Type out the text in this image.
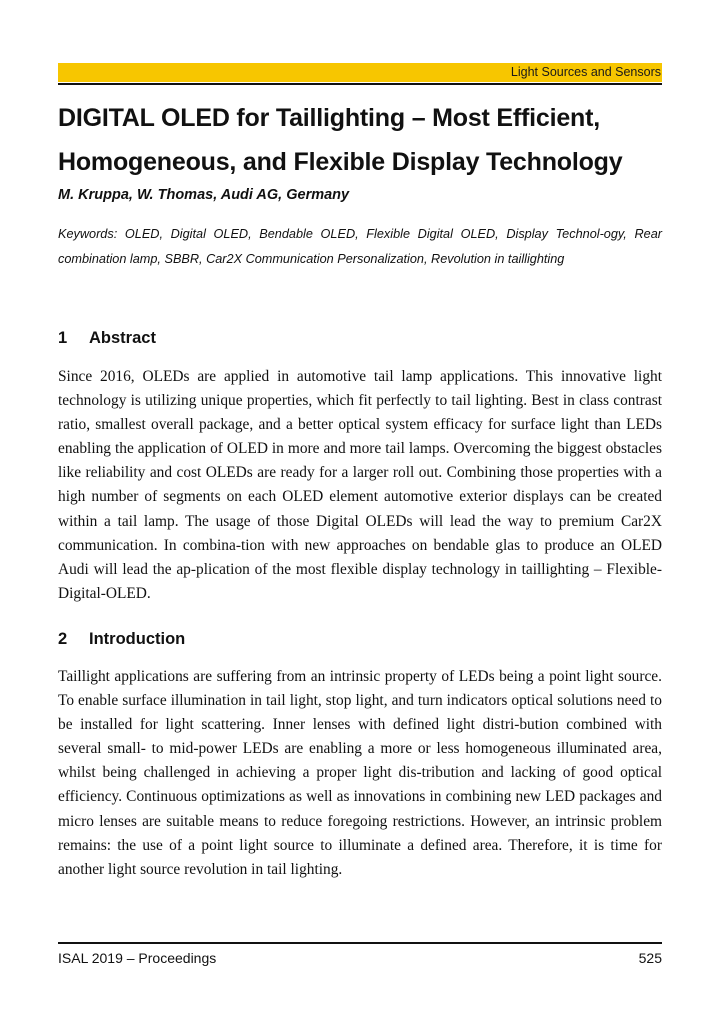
Light Sources and Sensors
DIGITAL OLED for Taillighting – Most Efficient, Homogeneous, and Flexible Display Technology
M. Kruppa, W. Thomas, Audi AG, Germany
Keywords: OLED, Digital OLED, Bendable OLED, Flexible Digital OLED, Display Technol-ogy, Rear combination lamp, SBBR, Car2X Communication Personalization, Revolution in taillighting
1 Abstract

Since 2016, OLEDs are applied in automotive tail lamp applications. This innovative light technology is utilizing unique properties, which fit perfectly to tail lighting. Best in class contrast ratio, smallest overall package, and a better optical system efficacy for surface light than LEDs enabling the application of OLED in more and more tail lamps. Overcoming the biggest obstacles like reliability and cost OLEDs are ready for a larger roll out. Combining those properties with a high number of segments on each OLED element automotive exterior displays can be created within a tail lamp. The usage of those Digital OLEDs will lead the way to premium Car2X communication. In combina-tion with new approaches on bendable glas to produce an OLED Audi will lead the ap-plication of the most flexible display technology in taillighting – Flexible-Digital-OLED.

2 Introduction

Taillight applications are suffering from an intrinsic property of LEDs being a point light source. To enable surface illumination in tail light, stop light, and turn indicators optical solutions need to be installed for light scattering. Inner lenses with defined light distri-bution combined with several small- to mid-power LEDs are enabling a more or less homogeneous illuminated area, whilst being challenged in achieving a proper light dis-tribution and lacking of good optical efficiency. Continuous optimizations as well as innovations in combining new LED packages and micro lenses are suitable means to reduce foregoing restrictions. However, an intrinsic problem remains: the use of a point light source to illuminate a defined area. Therefore, it is time for another light source revolution in tail lighting.

ISAL 2019 – Proceedings	525
